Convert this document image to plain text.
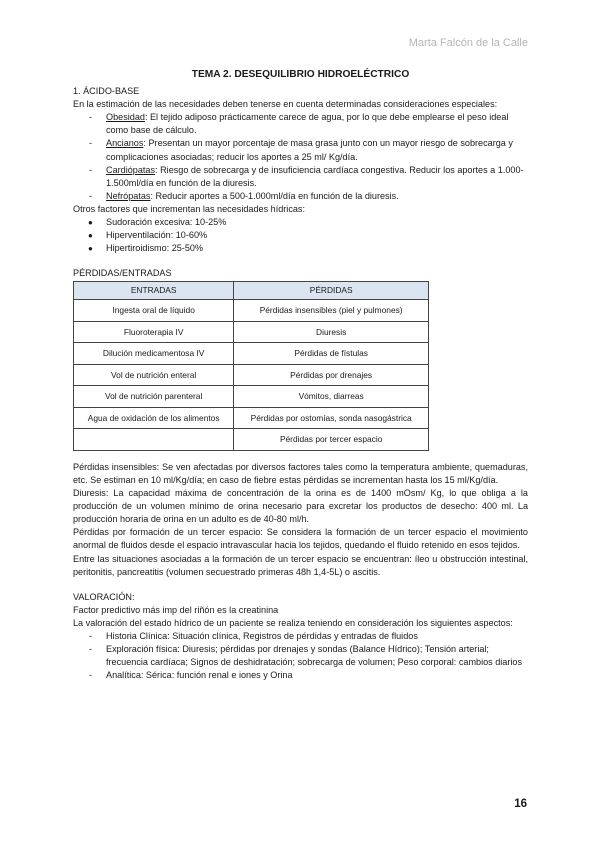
Marta Falcón de la Calle
TEMA 2. DESEQUILIBRIO HIDROELÉCTRICO

1. ÁCIDO-BASE

En la estimación de las necesidades deben tenerse en cuenta determinadas consideraciones especiales:

- Obesidad: El tejido adiposo prácticamente carece de agua, por lo que debe emplearse el peso ideal como base de cálculo.
- Ancianos: Presentan un mayor porcentaje de masa grasa junto con un mayor riesgo de sobrecarga y complicaciones asociadas; reducir los aportes a 25 ml/ Kg/día.
- Cardiópatas: Riesgo de sobrecarga y de insuficiencia cardíaca congestiva. Reducir los aportes a 1.000-1.500ml/día en función de la diuresis.
- Nefrópatas: Reducir aportes a 500-1.000ml/día en función de la diuresis.

Otros factores que incrementan las necesidades hídricas:

● Sudoración excesiva: 10-25%
● Hiperventilación: 10-60%
● Hipertiroidismo: 25-50%

PÉRDIDAS/ENTRADAS

ENTRADAS	PÉRDIDAS
Ingesta oral de líquido	Pérdidas insensibles (piel y pulmones)
Fluoroterapia IV	Diuresis
Dilución medicamentosa IV	Pérdidas de fístulas
Vol de nutrición enteral	Pérdidas por drenajes
Vol de nutrición parenteral	Vómitos, diarreas
Agua de oxidación de los alimentos	Pérdidas por ostomías, sonda nasogástrica
	Pérdidas por tercer espacio

Pérdidas insensibles: Se ven afectadas por diversos factores tales como la temperatura ambiente, quemaduras, etc. Se estiman en 10 ml/Kg/día; en caso de fiebre estas pérdidas se incrementan hasta los 15 ml/Kg/día.

Diuresis: La capacidad máxima de concentración de la orina es de 1400 mOsm/ Kg, lo que obliga a la producción de un volumen mínimo de orina necesario para excretar los productos de desecho: 400 ml. La producción horaria de orina en un adulto es de 40-80 ml/h.

Pérdidas por formación de un tercer espacio: Se considera la formación de un tercer espacio el movimiento anormal de fluidos desde el espacio intravascular hacia los tejidos, quedando el fluido retenido en esos tejidos.

Entre las situaciones asociadas a la formación de un tercer espacio se encuentran: íleo u obstrucción intestinal, peritonitis, pancreatitis (volumen secuestrado primeras 48h 1,4-5L) o ascitis.

VALORACIÓN:

Factor predictivo más imp del riñón es la creatinina

La valoración del estado hídrico de un paciente se realiza teniendo en consideración los siguientes aspectos:

- Historia Clínica: Situación clínica, Registros de pérdidas y entradas de fluidos
- Exploración física: Diuresis; pérdidas por drenajes y sondas (Balance Hídrico); Tensión arterial; frecuencia cardíaca; Signos de deshidratación; sobrecarga de volumen; Peso corporal: cambios diarios
- Analítica: Sérica: función renal e iones y Orina
16
